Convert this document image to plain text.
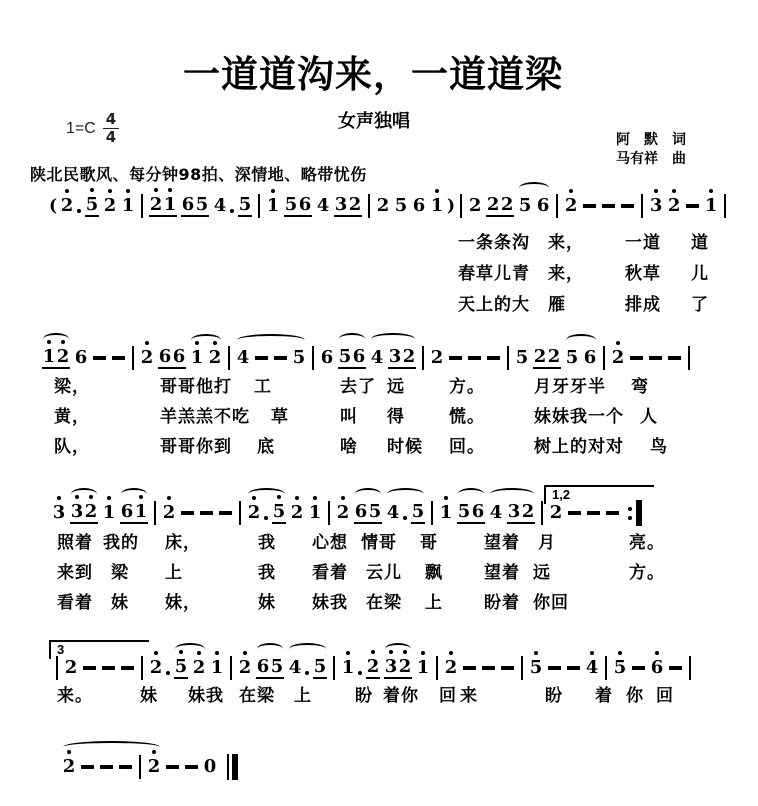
一道道沟来，一道道梁
女声独唱
$1=C \frac{4}{4}$	阿　默　词
马有祥　曲
陕北民歌风、每分钟98拍、深情地、略带忧伤
( 2 5 2 1 2 1 6 5 4 5 1 5 6 4 3 2 2 5 6 1 ) 2 2 2 5 6 2	3 2 1
一条条沟 来， 一道 道
春草儿青 来， 秋草 儿
天上的大 雁	排成 了
1 2 6	2 6 6 1 2 4 5 6 5 6 4 3 2 2	5 2 2 5 6 2
梁，	哥哥他打 工	去了 远	方。	月牙牙半 弯
黄，	羊羔羔不吃 草	叫 得	慌。	妹妹我一个 人
队，	哥哥你到 底	啥 时候 回。	树上的对对 鸟
3 3 2 1 6 1 2	2 5 2 1 2 6 5 4 5 1 5 6 4 3 2
1,2
2
照着 我的 床，	我 心想 情哥 哥	望着 月	亮。
来到 梁 上	我 看着 云儿 飘 望着 远	方。
看着 妹 妹，	妹 妹我 在梁 上 盼着 你回
3
2	2 5 2 1 2 6 5 4 5 1 2 3 2 1 2	5 4 5 6
来。	妹 妹我 在梁 上	盼 着你 回 来	盼 着 你 回
2	2 0
